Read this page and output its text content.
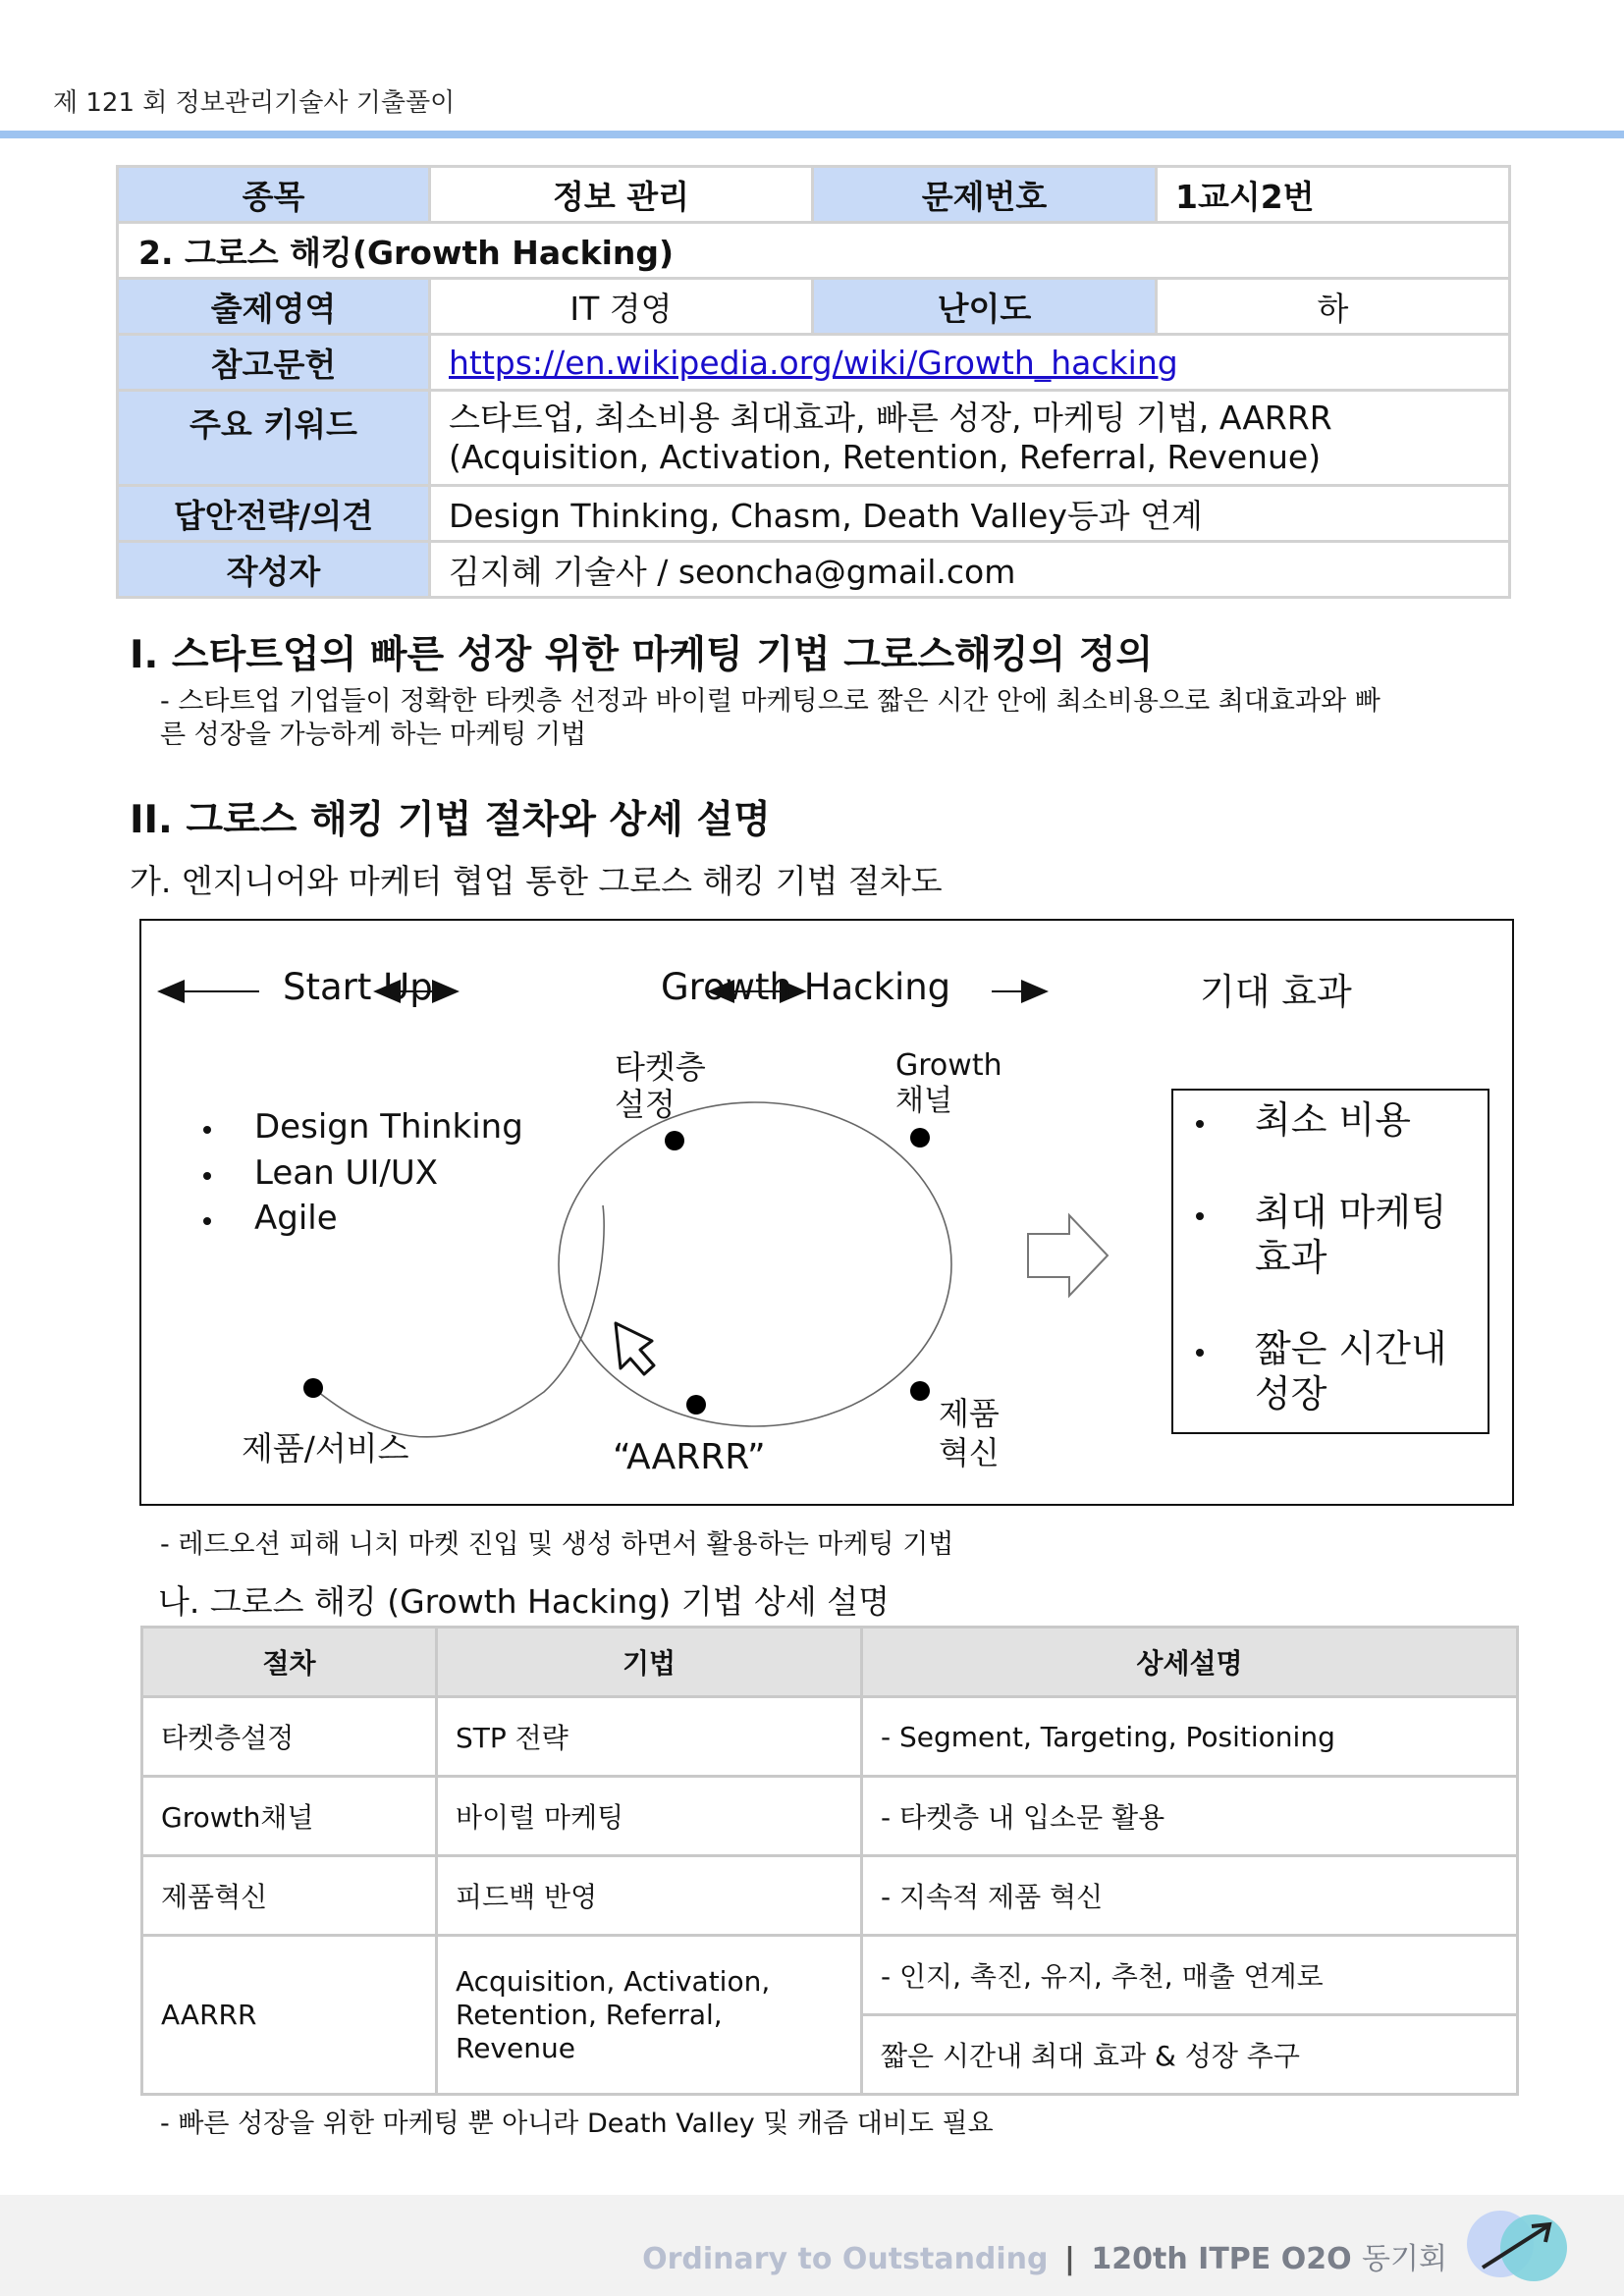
제 121 회 정보관리기술사 기출풀이
종목	정보 관리	문제번호	1교시2번
2. 그로스 해킹(Growth Hacking)			
출제영역	IT 경영	난이도	하
참고문헌	https://en.wikipedia.org/wiki/Growth_hacking		
주요 키워드	스타트업, 최소비용 최대효과, 빠른 성장, 마케팅 기법, AARRR
(Acquisition, Activation, Retention, Referral, Revenue)		

답안전략/의견	Design Thinking, Chasm, Death Valley등과 연계		
작성자	김지혜 기술사 / seoncha@gmail.com		
I. 스타트업의 빠른 성장 위한 마케팅 기법 그로스해킹의 정의
- 스타트업 기업들이 정확한 타켓층 선정과 바이럴 마케팅으로 짧은 시간 안에 최소비용으로 최대효과와 빠
른 성장을 가능하게 하는 마케팅 기법
II. 그로스 해킹 기법 절차와 상세 설명
가. 엔지니어와 마케터 협업 통한 그로스 해킹 기법 절차도
Start Up	Growth Hacking	기대 효과
Design Thinking
Lean UI/UX
Agile
타켓층
설정
Growth
채널
제품
혁신
“AARRR”
제품/서비스
최소 비용
최대 마케팅
효과
짧은 시간내
성장
- 레드오션 피해 니치 마켓 진입 및 생성 하면서 활용하는 마케팅 기법
나. 그로스 해킹 (Growth Hacking) 기법 상세 설명
절차	기법	상세설명
타켓층설정	STP 전략	- Segment, Targeting, Positioning
Growth채널	바이럴 마케팅	- 타켓층 내 입소문 활용
제품혁신	피드백 반영	- 지속적 제품 혁신
AARRR	Acquisition, Activation,
Retention, Referral, Revenue	- 인지, 촉진, 유지, 추천, 매출 연계로
		짧은 시간내 최대 효과 & 성장 추구
- 빠른 성장을 위한 마케팅 뿐 아니라 Death Valley 및 캐즘 대비도 필요
Ordinary to Outstanding | 120th ITPE O2O 동기회
